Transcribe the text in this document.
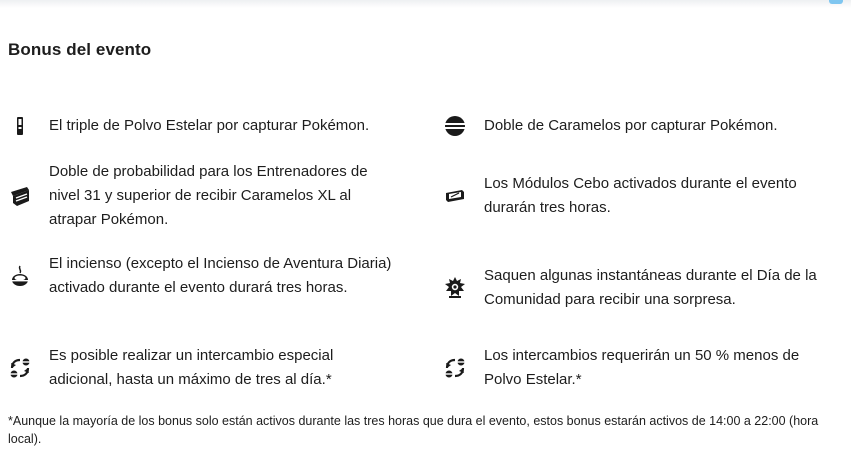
Bonus del evento
El triple de Polvo Estelar por capturar Pokémon.	Doble de Caramelos por capturar Pokémon.
Doble de probabilidad para los Entrenadores de nivel 31 y superior de recibir Caramelos XL al atrapar Pokémon.
Los Módulos Cebo activados durante el evento durarán tres horas.
El incienso (excepto el Incienso de Aventura Diaria) activado durante el evento durará tres horas.
Saquen algunas instantáneas durante el Día de la Comunidad para recibir una sorpresa.
Es posible realizar un intercambio especial adicional, hasta un máximo de tres al día.*
Los intercambios requerirán un 50 % menos de Polvo Estelar.*

*Aunque la mayoría de los bonus solo están activos durante las tres horas que dura el evento, estos bonus estarán activos de 14:00 a 22:00 (hora local).
